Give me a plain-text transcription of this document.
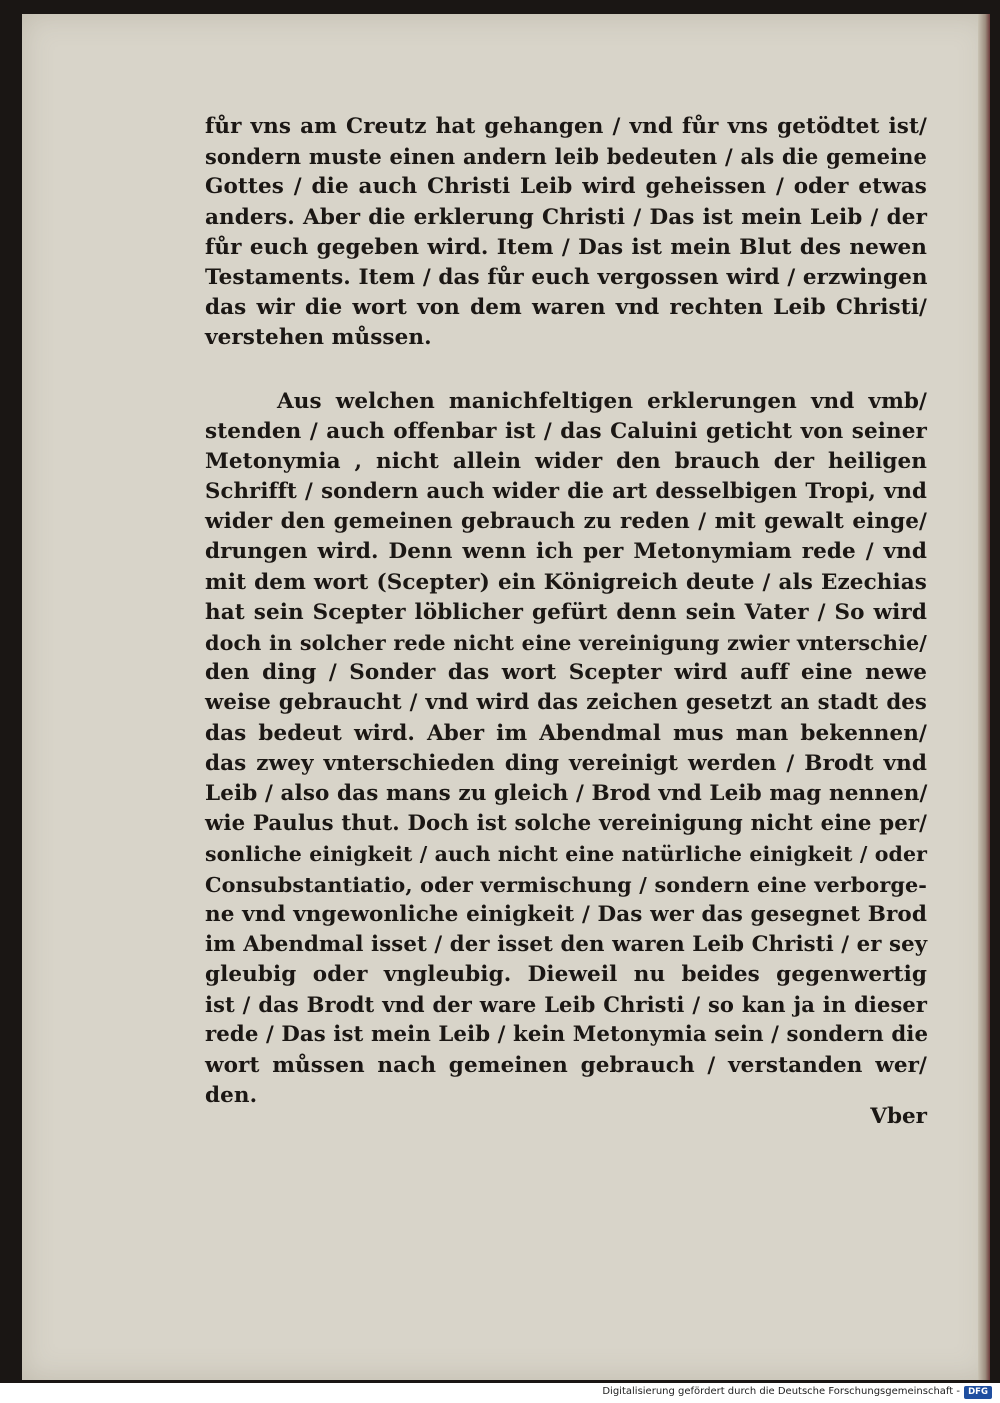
fůr vns am Creutz hat gehangen / vnd fůr vns getödtet ist/
sondern muste einen andern leib bedeuten / als die gemeine
Gottes / die auch Christi Leib wird geheissen / oder etwas
anders. Aber die erklerung Christi / Das ist mein Leib / der
fůr euch gegeben wird. Item / Das ist mein Blut des newen
Testaments. Item / das fůr euch vergossen wird / erzwingen
das wir die wort von dem waren vnd rechten Leib Christi/
verstehen můssen.
Aus welchen manichfeltigen erklerungen vnd vmb/
stenden / auch offenbar ist / das Caluini geticht von seiner
Metonymia , nicht allein wider den brauch der heiligen
Schrifft / sondern auch wider die art desselbigen Tropi, vnd
wider den gemeinen gebrauch zu reden / mit gewalt einge/
drungen wird. Denn wenn ich per Metonymiam rede / vnd
mit dem wort (Scepter) ein Königreich deute / als Ezechias
hat sein Scepter löblicher gefürt denn sein Vater / So wird
doch in solcher rede nicht eine vereinigung zwier vnterschie/
den ding / Sonder das wort Scepter wird auff eine newe
weise gebraucht / vnd wird das zeichen gesetzt an stadt des
das bedeut wird. Aber im Abendmal mus man bekennen/
das zwey vnterschieden ding vereinigt werden / Brodt vnd
Leib / also das mans zu gleich / Brod vnd Leib mag nennen/
wie Paulus thut. Doch ist solche vereinigung nicht eine per/
sonliche einigkeit / auch nicht eine natürliche einigkeit / oder
Consubstantiatio, oder vermischung / sondern eine verborge-
ne vnd vngewonliche einigkeit / Das wer das gesegnet Brod
im Abendmal isset / der isset den waren Leib Christi / er sey
gleubig oder vngleubig. Dieweil nu beides gegenwertig
ist / das Brodt vnd der ware Leib Christi / so kan ja in dieser
rede / Das ist mein Leib / kein Metonymia sein / sondern die
wort můssen nach gemeinen gebrauch / verstanden wer/
den.
Vber
Digitalisierung gefördert durch die Deutsche Forschungsgemeinschaft - DFG
